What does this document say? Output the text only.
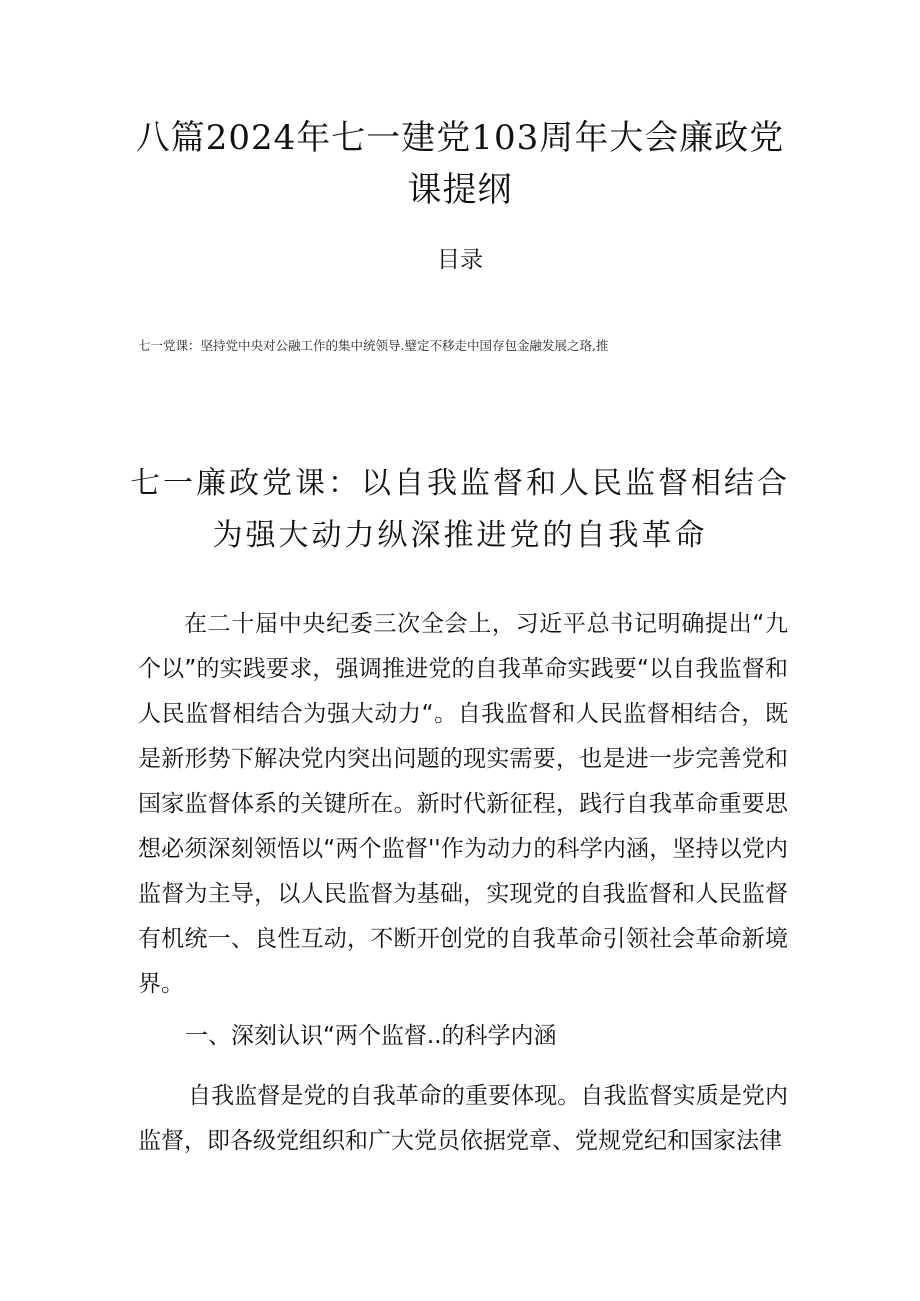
八篇2024年七一建党103周年大会廉政党课提纲
目录
七一党课：坚持党中央对公融工作的集中统领导.璧定不移走中国存包金融发展之珞,推
七一廉政党课：以自我监督和人民监督相结合为强大动力纵深推进党的自我革命

在二十届中央纪委三次全会上，习近平总书记明确提出“九个以”的实践要求，强调推进党的自我革命实践要“以自我监督和人民监督相结合为强大动力“。自我监督和人民监督相结合，既是新形势下解决党内突出问题的现实需要，也是进一步完善党和国家监督体系的关键所在。新时代新征程，践行自我革命重要思想必须深刻领悟以“两个监督''作为动力的科学内涵，坚持以党内监督为主导，以人民监督为基础，实现党的自我监督和人民监督有机统一、良性互动，不断开创党的自我革命引领社会革命新境界。

一、深刻认识“两个监督..的科学内涵

自我监督是党的自我革命的重要体现。自我监督实质是党内监督，即各级党组织和广大党员依据党章、党规党纪和国家法律
